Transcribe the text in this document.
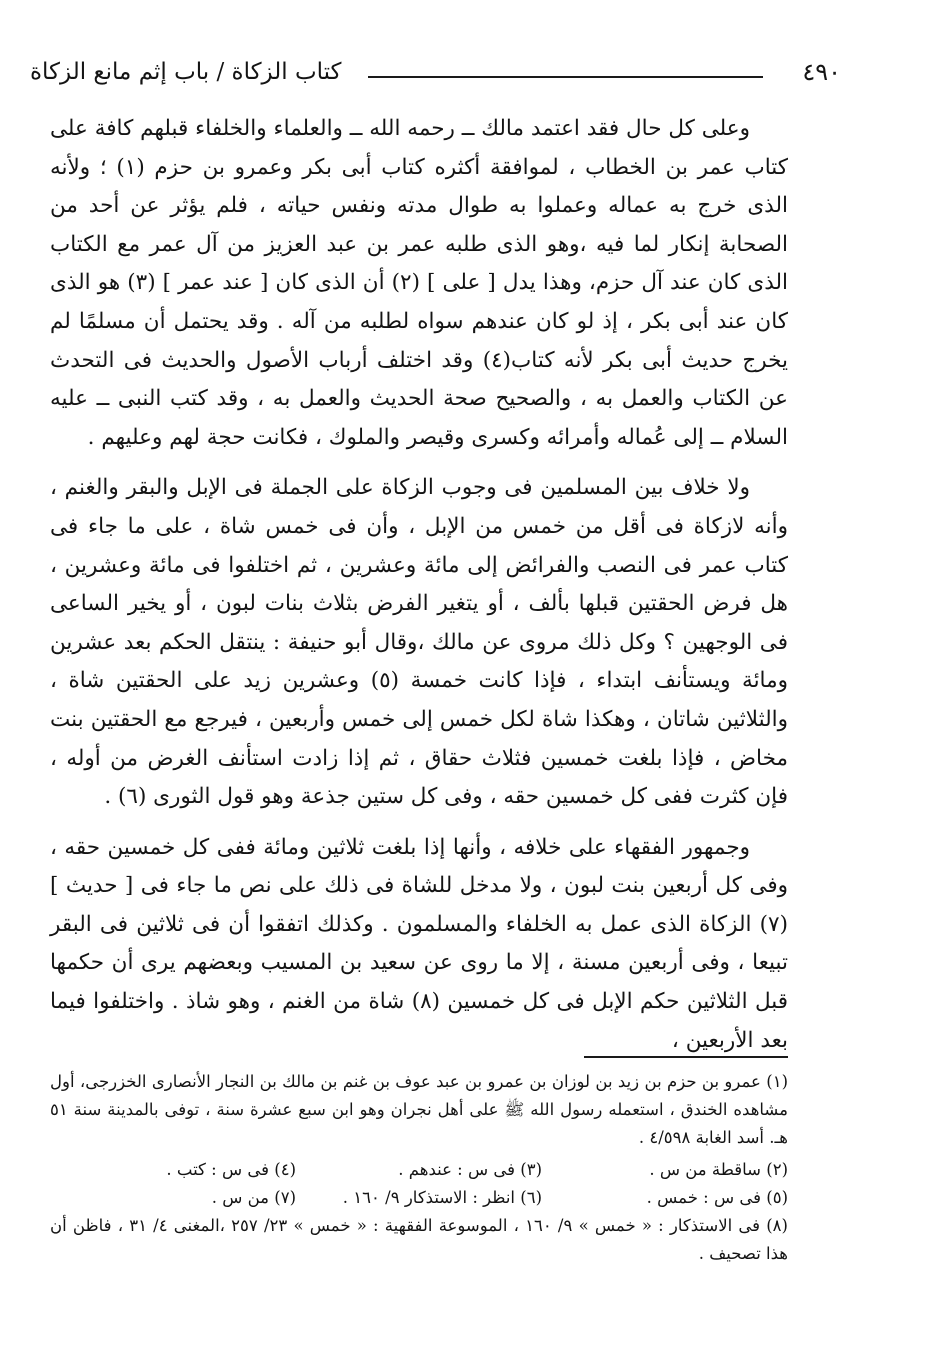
كتاب الزكاة / باب إثم مانع الزكاة	٤٩٠

وعلى كل حال فقد اعتمد مالك ــ رحمه الله ــ والعلماء والخلفاء قبلهم كافة على كتاب عمر بن الخطاب ، لموافقة أكثره كتاب أبى بكر وعمرو بن حزم (١) ؛ ولأنه الذى خرج به عماله وعملوا به طوال مدته ونفس حياته ، فلم يؤثر عن أحد من الصحابة إنكار لما فيه ،وهو الذى طلبه عمر بن عبد العزيز من آل عمر مع الكتاب الذى كان عند آل حزم، وهذا يدل [ على ] (٢) أن الذى كان [ عند عمر ] (٣) هو الذى كان عند أبى بكر ، إذ لو كان عندهم سواه لطلبه من آله . وقد يحتمل أن مسلمًا لم يخرج حديث أبى بكر لأنه كتاب(٤) وقد اختلف أرباب الأصول والحديث فى التحدث عن الكتاب والعمل به ، والصحيح صحة الحديث والعمل به ، وقد كتب النبى ــ عليه السلام ــ إلى عُماله وأمرائه وكسرى وقيصر والملوك ، فكانت حجة لهم وعليهم .

ولا خلاف بين المسلمين فى وجوب الزكاة على الجملة فى الإبل والبقر والغنم ، وأنه لازكاة فى أقل من خمس من الإبل ، وأن فى خمس شاة ، على ما جاء فى كتاب عمر فى النصب والفرائض إلى مائة وعشرين ، ثم اختلفوا فى مائة وعشرين ، هل فرض الحقتين قبلها بألف ، أو يتغير الفرض بثلاث بنات لبون ، أو يخير الساعى فى الوجهين ؟ وكل ذلك مروى عن مالك ،وقال أبو حنيفة : ينتقل الحكم بعد عشرين ومائة ويستأنف ابتداء ، فإذا كانت خمسة (٥) وعشرين زيد على الحقتين شاة ، والثلاثين شاتان ، وهكذا شاة لكل خمس إلى خمس وأربعين ، فيرجع مع الحقتين بنت مخاض ، فإذا بلغت خمسين فثلاث حقاق ، ثم إذا زادت استأنف الغرض من أوله ، فإن كثرت ففى كل خمسين حقه ، وفى كل ستين جذعة وهو قول الثورى (٦) .

وجمهور الفقهاء على خلافه ، وأنها إذا بلغت ثلاثين ومائة ففى كل خمسين حقه ، وفى كل أربعين بنت لبون ، ولا مدخل للشاة فى ذلك على نص ما جاء فى [ حديث ] (٧) الزكاة الذى عمل به الخلفاء والمسلمون . وكذلك اتفقوا أن فى ثلاثين فى البقر تبيعا ، وفى أربعين مسنة ، إلا ما روى عن سعيد بن المسيب وبعضهم يرى أن حكمها قبل الثلاثين حكم الإبل فى كل خمسين (٨) شاة من الغنم ، وهو شاذ . واختلفوا فيما بعد الأربعين ،

(١) عمرو بن حزم بن زيد بن لوزان بن عمرو بن عبد عوف بن غنم بن مالك بن النجار الأنصارى الخزرجى، أول مشاهده الخندق ، استعمله رسول الله ﷺ على أهل نجران وهو ابن سبع عشرة سنة ، توفى بالمدينة سنة ٥١ هـ. أسد الغابة ٤/٥٩٨ .

(٢) ساقطة من س .
(٣) فى س : عندهم .
(٤) فى س : كتب .
(٥) فى س : خمس .
(٦) انظر : الاستذكار ٩/ ١٦٠ .
(٧) من س .

(٨) فى الاستذكار : « خمس » ٩/ ١٦٠ ، الموسوعة الفقهية : « خمس » ٢٣/ ٢٥٧ ،المغنى ٤/ ٣١ ، فاظن أن هذا تصحيف .
